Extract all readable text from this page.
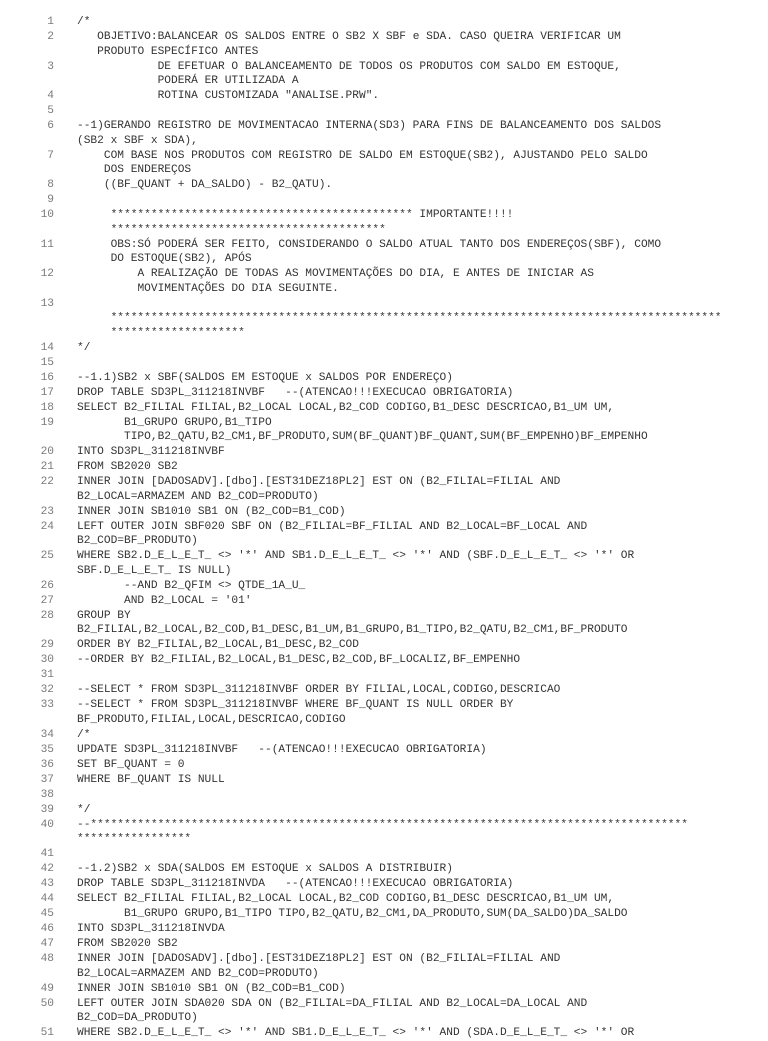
1 /*
2	OBJETIVO:BALANCEAR OS SALDOS ENTRE O SB2 X SBF e SDA. CASO QUEIRA VERIFICAR UM
PRODUTO ESPECÍFICO ANTES
3	DE EFETUAR O BALANCEAMENTO DE TODOS OS PRODUTOS COM SALDO EM ESTOQUE,
PODERÁ ER UTILIZADA A
4 ROTINA CUSTOMIZADA "ANALISE.PRW".
5
6 --1)GERANDO REGISTRO DE MOVIMENTACAO INTERNA(SD3) PARA FINS DE BALANCEAMENTO DOS SALDOS
(SB2 x SBF x SDA),
7	COM BASE NOS PRODUTOS COM REGISTRO DE SALDO EM ESTOQUE(SB2), AJUSTANDO PELO SALDO
DOS ENDEREÇOS
8 ((BF_QUANT + DA_SALDO) - B2_QATU).
9
10	********************************************* IMPORTANTE!!!!
*****************************************
11	OBS:SÓ PODERÁ SER FEITO, CONSIDERANDO O SALDO ATUAL TANTO DOS ENDEREÇOS(SBF), COMO
DO ESTOQUE(SB2), APÓS
12	A REALIZAÇÃO DE TODAS AS MOVIMENTAÇÕES DO DIA, E ANTES DE INICIAR AS
MOVIMENTAÇÕES DO DIA SEGUINTE.
13

*******************************************************************************************
********************
14 */
15
16 --1.1)SB2 x SBF(SALDOS EM ESTOQUE x SALDOS POR ENDEREÇO)
17 DROP TABLE SD3PL_311218INVBF   --(ATENCAO!!!EXECUCAO OBRIGATORIA)
18 SELECT B2_FILIAL FILIAL,B2_LOCAL LOCAL,B2_COD CODIGO,B1_DESC DESCRICAO,B1_UM UM,
19	B1_GRUPO GRUPO,B1_TIPO
TIPO,B2_QATU,B2_CM1,BF_PRODUTO,SUM(BF_QUANT)BF_QUANT,SUM(BF_EMPENHO)BF_EMPENHO
20 INTO SD3PL_311218INVBF
21 FROM SB2020 SB2
22 INNER JOIN [DADOSADV].[dbo].[EST31DEZ18PL2] EST ON (B2_FILIAL=FILIAL AND
B2_LOCAL=ARMAZEM AND B2_COD=PRODUTO)
23 INNER JOIN SB1010 SB1 ON (B2_COD=B1_COD)
24 LEFT OUTER JOIN SBF020 SBF ON (B2_FILIAL=BF_FILIAL AND B2_LOCAL=BF_LOCAL AND
B2_COD=BF_PRODUTO)
25 WHERE SB2.D_E_L_E_T_ <> '*' AND SB1.D_E_L_E_T_ <> '*' AND (SBF.D_E_L_E_T_ <> '*' OR
SBF.D_E_L_E_T_ IS NULL)
26 --AND B2_QFIM <> QTDE_1A_U_
27 AND B2_LOCAL = '01'
28 GROUP BY
B2_FILIAL,B2_LOCAL,B2_COD,B1_DESC,B1_UM,B1_GRUPO,B1_TIPO,B2_QATU,B2_CM1,BF_PRODUTO
29 ORDER BY B2_FILIAL,B2_LOCAL,B1_DESC,B2_COD
30 --ORDER BY B2_FILIAL,B2_LOCAL,B1_DESC,B2_COD,BF_LOCALIZ,BF_EMPENHO
31
32 --SELECT * FROM SD3PL_311218INVBF ORDER BY FILIAL,LOCAL,CODIGO,DESCRICAO
33 --SELECT * FROM SD3PL_311218INVBF WHERE BF_QUANT IS NULL ORDER BY
BF_PRODUTO,FILIAL,LOCAL,DESCRICAO,CODIGO
34 /*
35 UPDATE SD3PL_311218INVBF   --(ATENCAO!!!EXECUCAO OBRIGATORIA)
36 SET BF_QUANT = 0
37 WHERE BF_QUANT IS NULL
38
39 */
40 --*****************************************************************************************
*****************
41
42 --1.2)SB2 x SDA(SALDOS EM ESTOQUE x SALDOS A DISTRIBUIR)
43 DROP TABLE SD3PL_311218INVDA   --(ATENCAO!!!EXECUCAO OBRIGATORIA)
44 SELECT B2_FILIAL FILIAL,B2_LOCAL LOCAL,B2_COD CODIGO,B1_DESC DESCRICAO,B1_UM UM,
45 B1_GRUPO GRUPO,B1_TIPO TIPO,B2_QATU,B2_CM1,DA_PRODUTO,SUM(DA_SALDO)DA_SALDO
46 INTO SD3PL_311218INVDA
47 FROM SB2020 SB2
48 INNER JOIN [DADOSADV].[dbo].[EST31DEZ18PL2] EST ON (B2_FILIAL=FILIAL AND
B2_LOCAL=ARMAZEM AND B2_COD=PRODUTO)
49 INNER JOIN SB1010 SB1 ON (B2_COD=B1_COD)
50 LEFT OUTER JOIN SDA020 SDA ON (B2_FILIAL=DA_FILIAL AND B2_LOCAL=DA_LOCAL AND
B2_COD=DA_PRODUTO)
51 WHERE SB2.D_E_L_E_T_ <> '*' AND SB1.D_E_L_E_T_ <> '*' AND (SDA.D_E_L_E_T_ <> '*' OR
